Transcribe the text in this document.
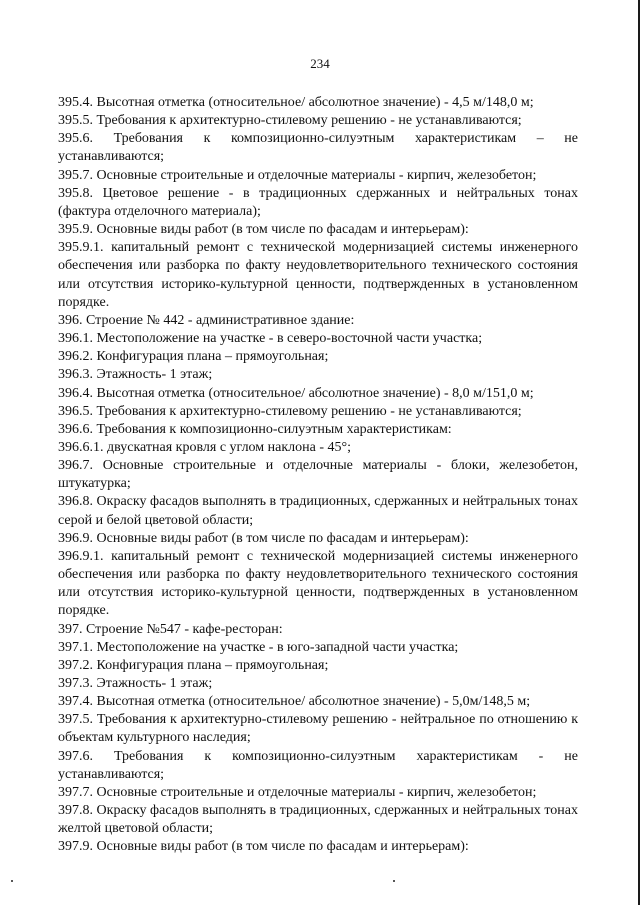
234

395.4. Высотная отметка (относительное/ абсолютное значение) - 4,5 м/148,0 м;

395.5. Требования к архитектурно-стилевому решению - не устанавливаются;

395.6. Требования к композиционно-силуэтным характеристикам – не устанавливаются;

395.7. Основные строительные и отделочные материалы - кирпич, железобетон;

395.8. Цветовое решение - в традиционных сдержанных и нейтральных тонах (фактура отделочного материала);

395.9. Основные виды работ (в том числе по фасадам и интерьерам):

395.9.1. капитальный ремонт с технической модернизацией системы инженерного обеспечения или разборка по факту неудовлетворительного технического состояния или отсутствия историко-культурной ценности, подтвержденных в установленном порядке.

396. Строение № 442 - административное здание:

396.1. Местоположение на участке - в северо-восточной части участка;

396.2. Конфигурация плана – прямоугольная;

396.3. Этажность- 1 этаж;

396.4. Высотная отметка (относительное/ абсолютное значение) - 8,0 м/151,0 м;

396.5. Требования к архитектурно-стилевому решению - не устанавливаются;

396.6. Требования к композиционно-силуэтным характеристикам:

396.6.1. двускатная кровля с углом наклона - 45°;

396.7. Основные строительные и отделочные материалы - блоки, железобетон, штукатурка;

396.8. Окраску фасадов выполнять в традиционных, сдержанных и нейтральных тонах серой и белой цветовой области;

396.9. Основные виды работ (в том числе по фасадам и интерьерам):

396.9.1. капитальный ремонт с технической модернизацией системы инженерного обеспечения или разборка по факту неудовлетворительного технического состояния или отсутствия историко-культурной ценности, подтвержденных в установленном порядке.

397. Строение №547 - кафе-ресторан:

397.1. Местоположение на участке - в юго-западной части участка;

397.2. Конфигурация плана – прямоугольная;

397.3. Этажность- 1 этаж;

397.4. Высотная отметка (относительное/ абсолютное значение) - 5,0м/148,5 м;

397.5. Требования к архитектурно-стилевому решению - нейтральное по отношению к объектам культурного наследия;

397.6. Требования к композиционно-силуэтным характеристикам - не устанавливаются;

397.7. Основные строительные и отделочные материалы - кирпич, железобетон;

397.8. Окраску фасадов выполнять в традиционных, сдержанных и нейтральных тонах желтой цветовой области;

397.9. Основные виды работ (в том числе по фасадам и интерьерам):
